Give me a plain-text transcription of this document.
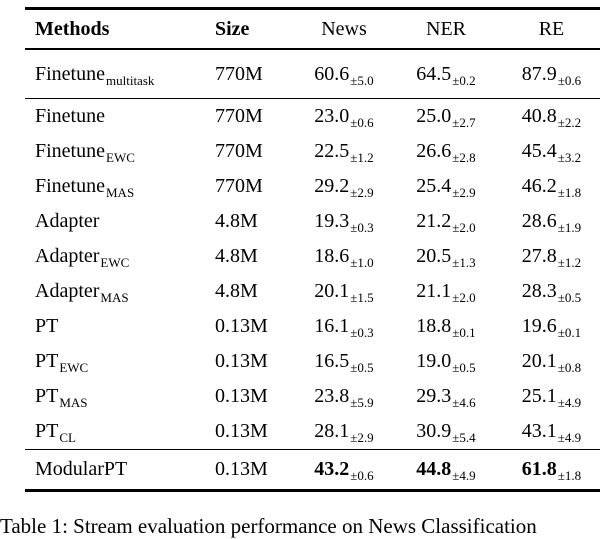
Methods	Size	News	NER	RE
Finetune$_{multitask}$	770M	$60.6_{\pm 5.0}$	$64.5_{\pm 0.2}$	$87.9_{\pm 0.6}$
Finetune	770M	$23.0_{\pm 0.6}$	$25.0_{\pm 2.7}$	$40.8_{\pm 2.2}$
Finetune$_{EWC}$	770M	$22.5_{\pm 1.2}$	$26.6_{\pm 2.8}$	$45.4_{\pm 3.2}$
Finetune$_{MAS}$	770M	$29.2_{\pm 2.9}$	$25.4_{\pm 2.9}$	$46.2_{\pm 1.8}$
Adapter	4.8M	$19.3_{\pm 0.3}$	$21.2_{\pm 2.0}$	$28.6_{\pm 1.9}$
Adapter$_{EWC}$	4.8M	$18.6_{\pm 1.0}$	$20.5_{\pm 1.3}$	$27.8_{\pm 1.2}$
Adapter$_{MAS}$	4.8M	$20.1_{\pm 1.5}$	$21.1_{\pm 2.0}$	$28.3_{\pm 0.5}$
PT	0.13M	$16.1_{\pm 0.3}$	$18.8_{\pm 0.1}$	$19.6_{\pm 0.1}$
$PT_{EWC}$	0.13M	$16.5_{\pm 0.5}$	$19.0_{\pm 0.5}$	$20.1_{\pm 0.8}$
$PT_{MAS}$	0.13M	$23.8_{\pm 5.9}$	$29.3_{\pm 4.6}$	$25.1_{\pm 4.9}$
$PT_{CL}$	0.13M	$28.1_{\pm 2.9}$	$30.9_{\pm 5.4}$	$43.1_{\pm 4.9}$
ModularPT	0.13M	$43.2_{\pm 0.6}$	$44.8_{\pm 4.9}$	$61.8_{\pm 1.8}$
Table 1: Stream evaluation performance on News Classification
